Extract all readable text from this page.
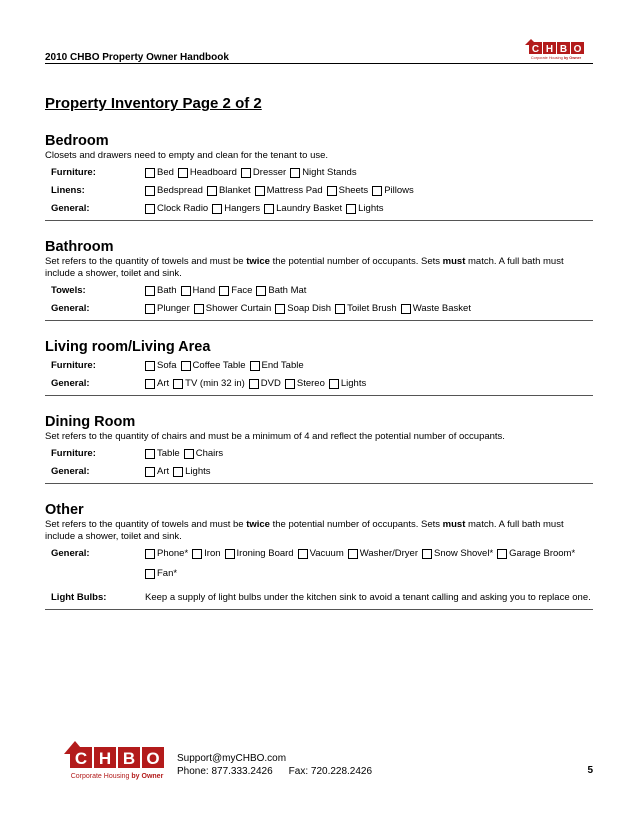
2010 CHBO Property Owner Handbook
C H B O
Corporate Housing by Owner
Property Inventory Page 2 of 2
Bedroom
Closets and drawers need to empty and clean for the tenant to use.
Furniture:	Bed Headboard Dresser Night Stands
Linens:	Bedspread Blanket Mattress Pad Sheets Pillows
General:	Clock Radio Hangers Laundry Basket Lights
Bathroom
Set refers to the quantity of towels and must be twice the potential number of occupants. Sets must match. A full bath must include a shower, toilet and sink.
Towels:	Bath Hand Face Bath Mat
General:	Plunger Shower Curtain Soap Dish Toilet Brush Waste Basket
Living room/Living Area
Furniture:	Sofa Coffee Table End Table
General:	Art TV (min 32 in) DVD Stereo Lights
Dining Room
Set refers to the quantity of chairs and must be a minimum of 4 and reflect the potential number of occupants.
Furniture:	Table Chairs
General:	Art Lights
Other
Set refers to the quantity of towels and must be twice the potential number of occupants. Sets must match. A full bath must include a shower, toilet and sink.
General:	Phone* Iron Ironing Board Vacuum Washer/Dryer Snow Shovel* Garage Broom*
Fan*
Light Bulbs:	Keep a supply of light bulbs under the kitchen sink to avoid a tenant calling and asking you to replace one.
C H B O
Corporate Housing by Owner
Support@myCHBO.com
Phone: 877.333.2426 Fax: 720.228.2426	5
